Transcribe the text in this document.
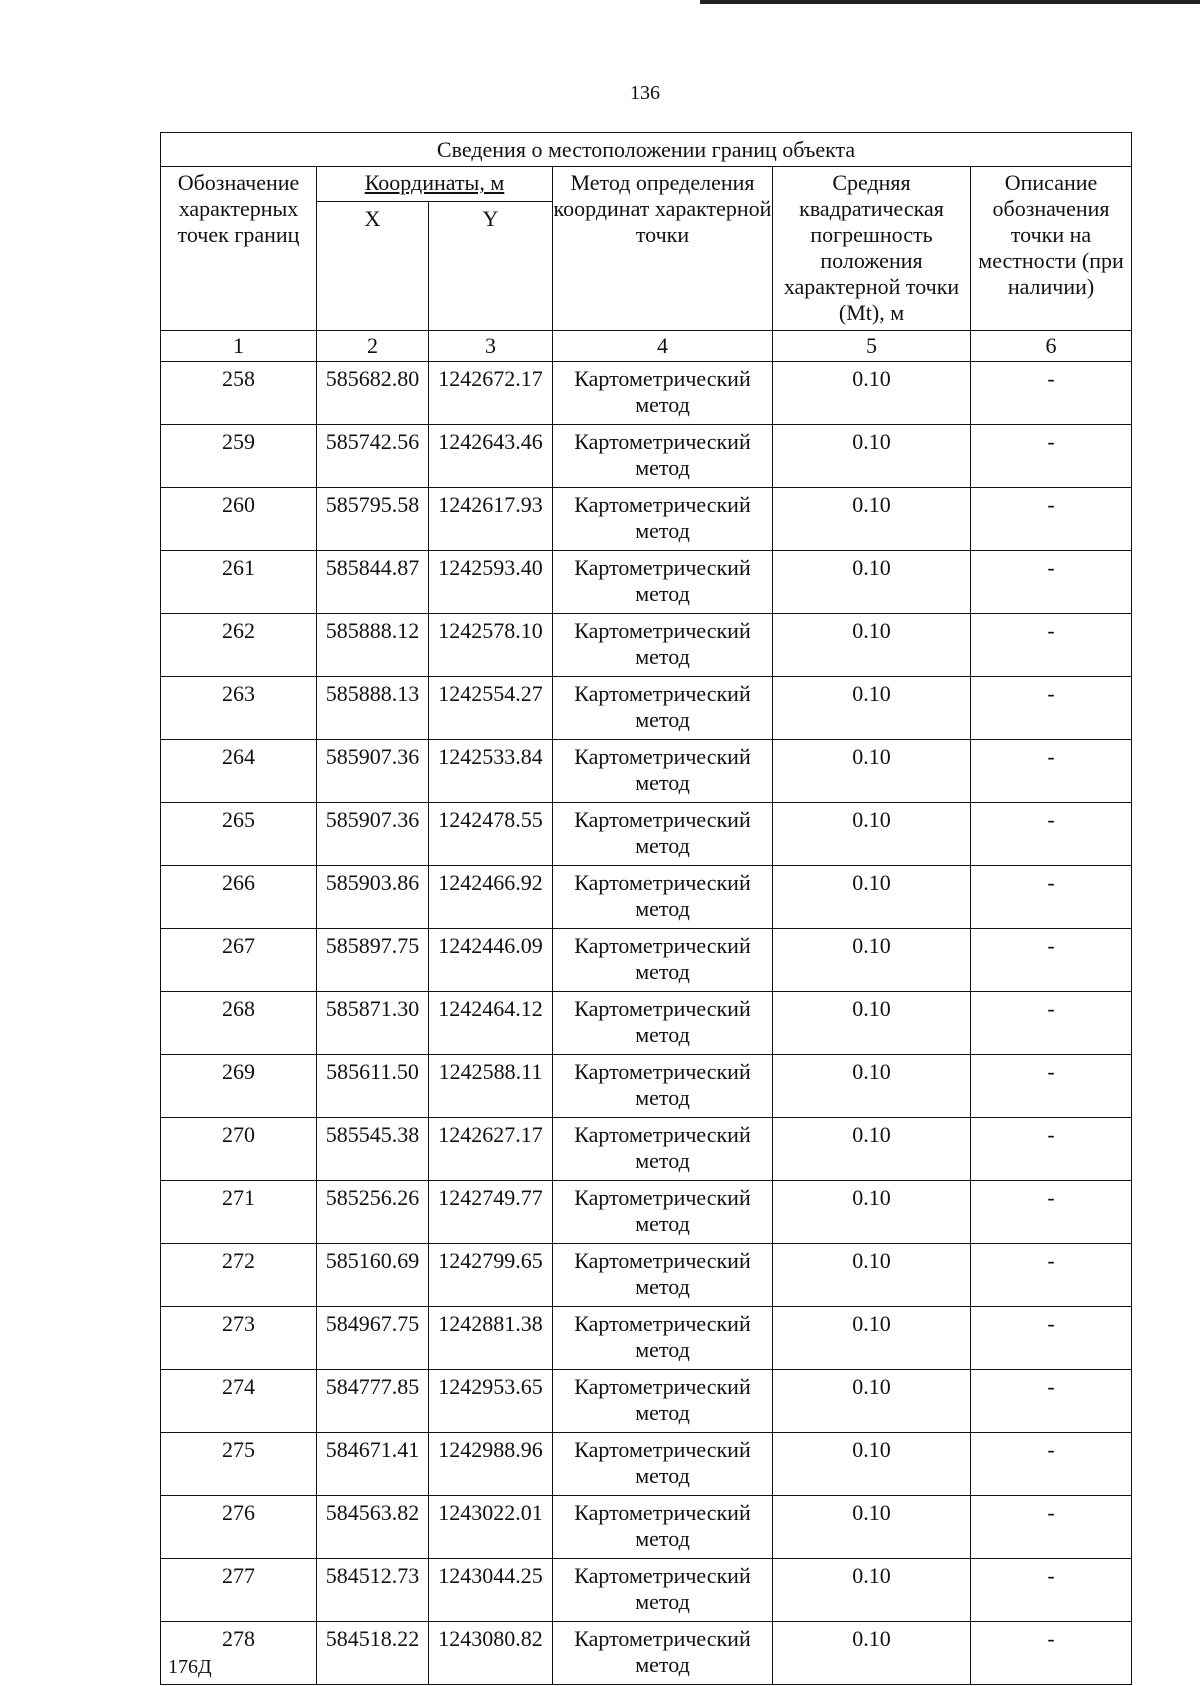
136
Сведения о местоположении границ объекта					
Обозначение характерных точек границ	Координаты, м		Метод определения координат характерной точки	Средняя квадратическая погрешность положения характерной точки (Mt), м	Описание обозначения точки на местности (при наличии)
	X	Y			
1	2	3	4	5	6
258	585682.80	1242672.17	Картометрический метод	0.10	-
259	585742.56	1242643.46	Картометрический метод	0.10	-
260	585795.58	1242617.93	Картометрический метод	0.10	-
261	585844.87	1242593.40	Картометрический метод	0.10	-
262	585888.12	1242578.10	Картометрический метод	0.10	-
263	585888.13	1242554.27	Картометрический метод	0.10	-
264	585907.36	1242533.84	Картометрический метод	0.10	-
265	585907.36	1242478.55	Картометрический метод	0.10	-
266	585903.86	1242466.92	Картометрический метод	0.10	-
267	585897.75	1242446.09	Картометрический метод	0.10	-
268	585871.30	1242464.12	Картометрический метод	0.10	-
269	585611.50	1242588.11	Картометрический метод	0.10	-
270	585545.38	1242627.17	Картометрический метод	0.10	-
271	585256.26	1242749.77	Картометрический метод	0.10	-
272	585160.69	1242799.65	Картометрический метод	0.10	-
273	584967.75	1242881.38	Картометрический метод	0.10	-
274	584777.85	1242953.65	Картометрический метод	0.10	-
275	584671.41	1242988.96	Картометрический метод	0.10	-
276	584563.82	1243022.01	Картометрический метод	0.10	-
277	584512.73	1243044.25	Картометрический метод	0.10	-
278	584518.22	1243080.82	Картометрический метод	0.10	-
176Д
